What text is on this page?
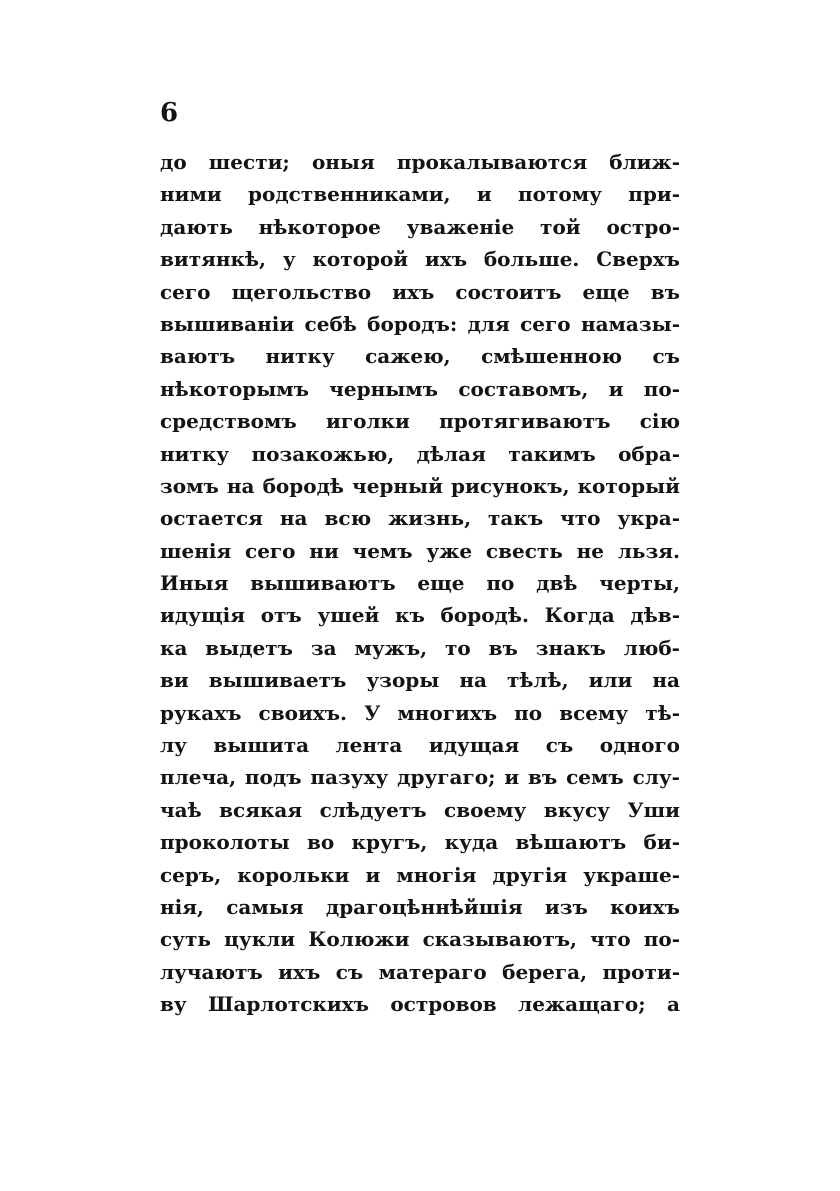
6
до шести; оныя прокалываются ближ-
ними родственниками, и потому при-
дають нѣкоторое уваженіе той остро-
витянкѣ, у которой ихъ больше. Сверхъ
сего щегольство ихъ состоитъ еще въ
вышиваніи себѣ бородъ: для сего намазы-
ваютъ нитку сажею, смѣшенною съ
нѣкоторымъ чернымъ составомъ, и по-
средствомъ иголки протягиваютъ сію
нитку позакожью, дѣлая такимъ обра-
зомъ на бородѣ черный рисунокъ, который
остается на всю жизнь, такъ что укра-
шенія сего ни чемъ уже свесть не льзя.
Иныя вышиваютъ еще по двѣ черты,
идущія отъ ушей къ бородѣ. Когда дѣв-
ка выдетъ за мужъ, то въ знакъ люб-
ви вышиваетъ узоры на тѣлѣ, или на
рукахъ своихъ. У многихъ по всему тѣ-
лу вышита лента идущая съ одного
плеча, подъ пазуху другаго; и въ семъ слу-
чаѣ всякая слѣдуетъ своему вкусу Уши
проколоты во кругъ, куда вѣшаютъ би-
серъ, корольки и многія другія украше-
нія, самыя драгоцѣннѣйшія изъ коихъ
суть цукли Колюжи сказываютъ, что по-
лучаютъ ихъ съ матераго берега, проти-
ву Шарлотскихъ островов лежащаго; а
